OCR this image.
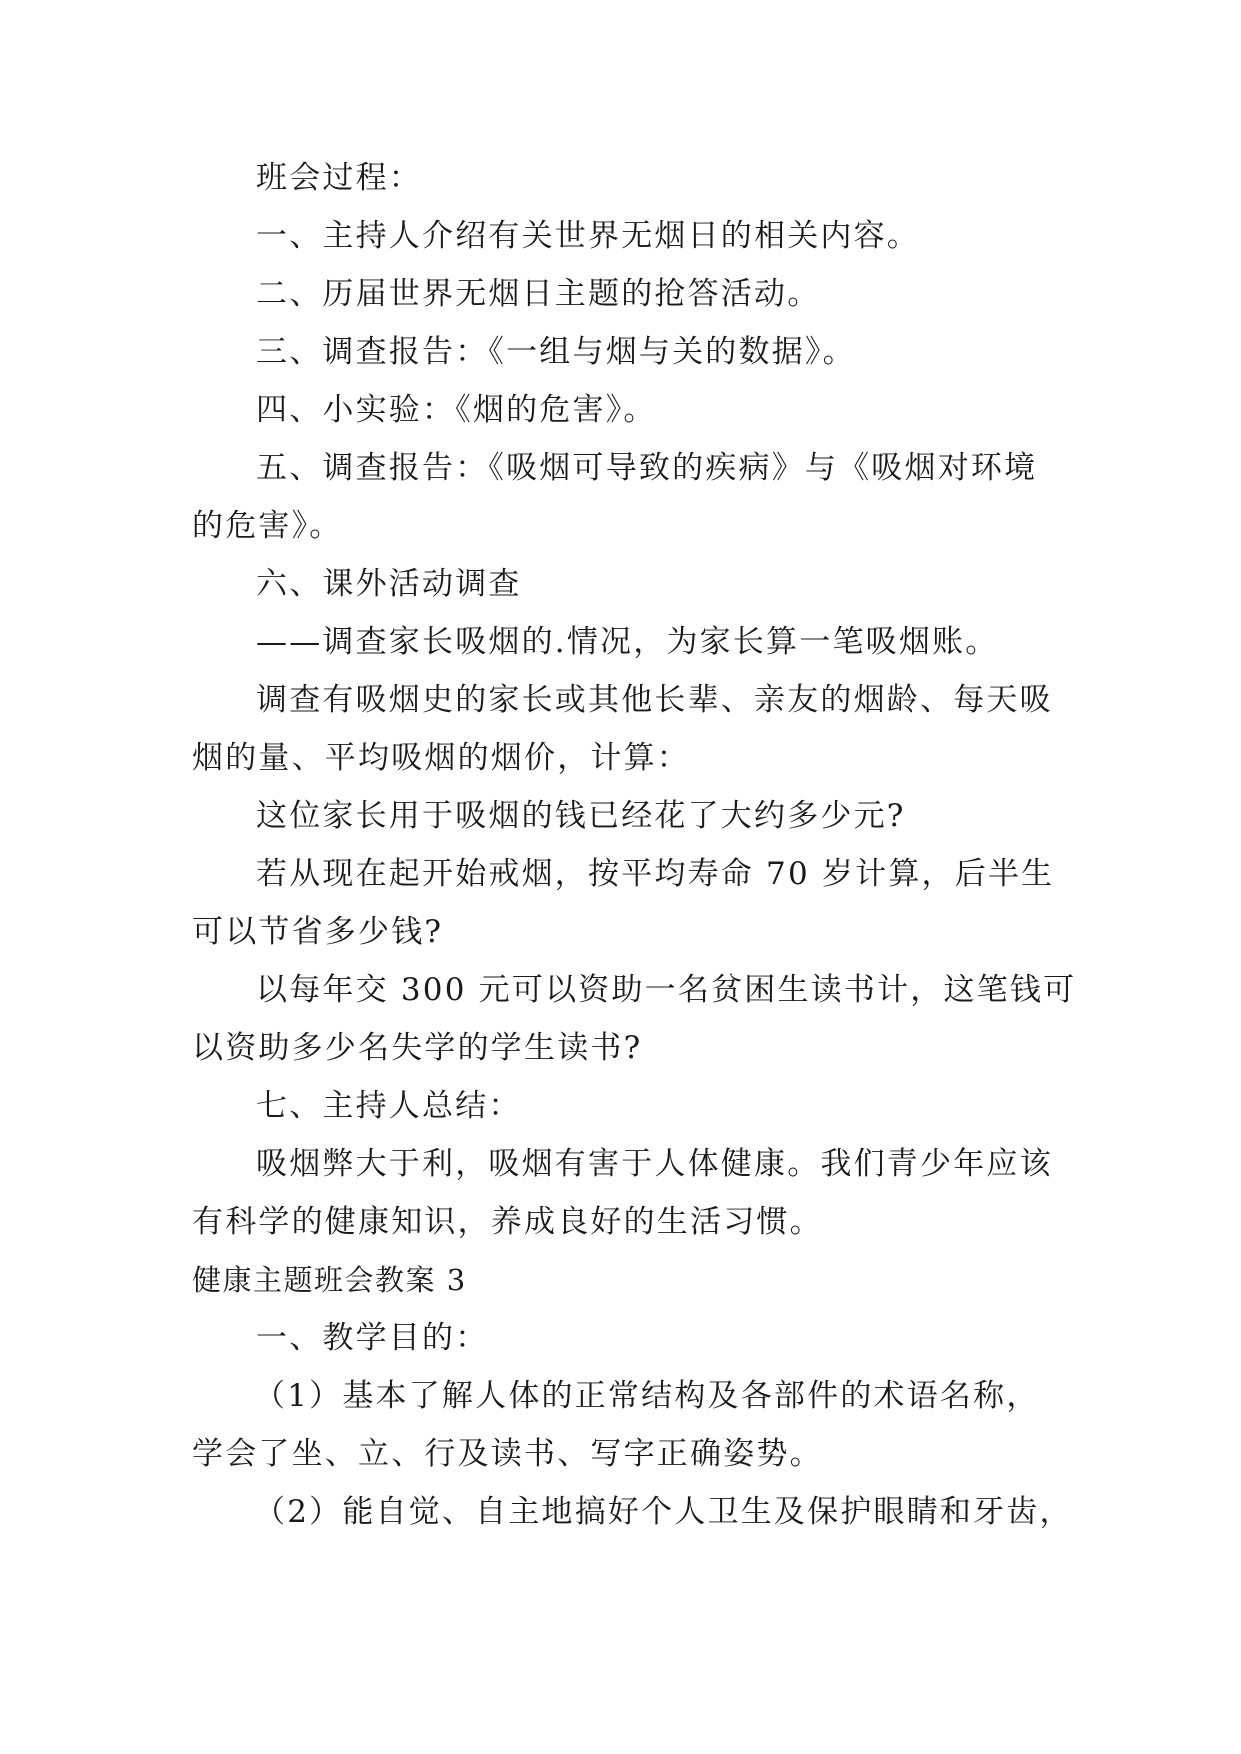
班会过程：
一、主持人介绍有关世界无烟日的相关内容。
二、历届世界无烟日主题的抢答活动。
三、调查报告：《一组与烟与关的数据》。
四、小实验：《烟的危害》。
五、调查报告：《吸烟可导致的疾病》与《吸烟对环境
的危害》。
六、课外活动调查
——调查家长吸烟的.情况，为家长算一笔吸烟账。
调查有吸烟史的家长或其他长辈、亲友的烟龄、每天吸
烟的量、平均吸烟的烟价，计算：
这位家长用于吸烟的钱已经花了大约多少元?
若从现在起开始戒烟，按平均寿命 70 岁计算，后半生
可以节省多少钱?
以每年交 300 元可以资助一名贫困生读书计，这笔钱可
以资助多少名失学的学生读书?
七、主持人总结：
吸烟弊大于利，吸烟有害于人体健康。我们青少年应该
有科学的健康知识，养成良好的生活习惯。
健康主题班会教案 3
一、教学目的：
（1）基本了解人体的正常结构及各部件的术语名称，
学会了坐、立、行及读书、写字正确姿势。
（2）能自觉、自主地搞好个人卫生及保护眼睛和牙齿，
